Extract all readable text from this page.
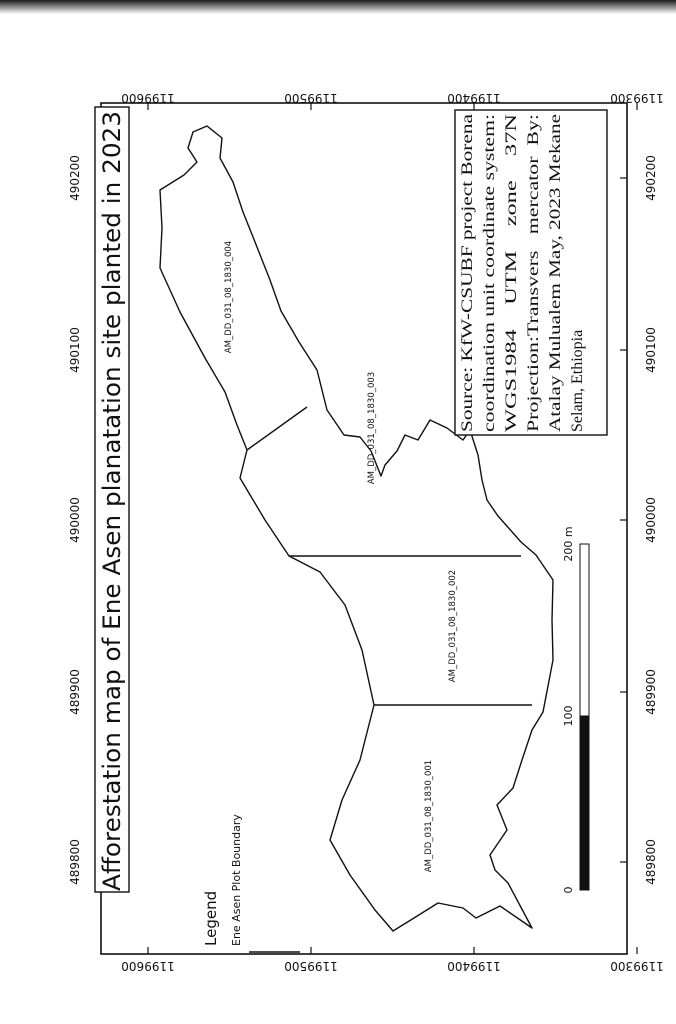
489800
489900
490000
490100
490200
489800
489900
490000
490100
490200
1199600	1199500	1199400	1199300
1199600	1199500	1199400	1199300
Afforestation map of Ene Asen planatation site planted in 2023	AM_DD_031_08_1830_001
AM_DD_031_08_1830_002
AM_DD_031_08_1830_003
AM_DD_031_08_1830_004	Source: KfW-CSUBF project Borena coordination unit coordinate system: WGS1984    UTM    zone    37N Projection:Transvers   mercator  By: Atalay Mulualem May, 2023 Mekane Selam, Ethiopia
0
100
200 m
Legend Ene Asen Plot Boundary
